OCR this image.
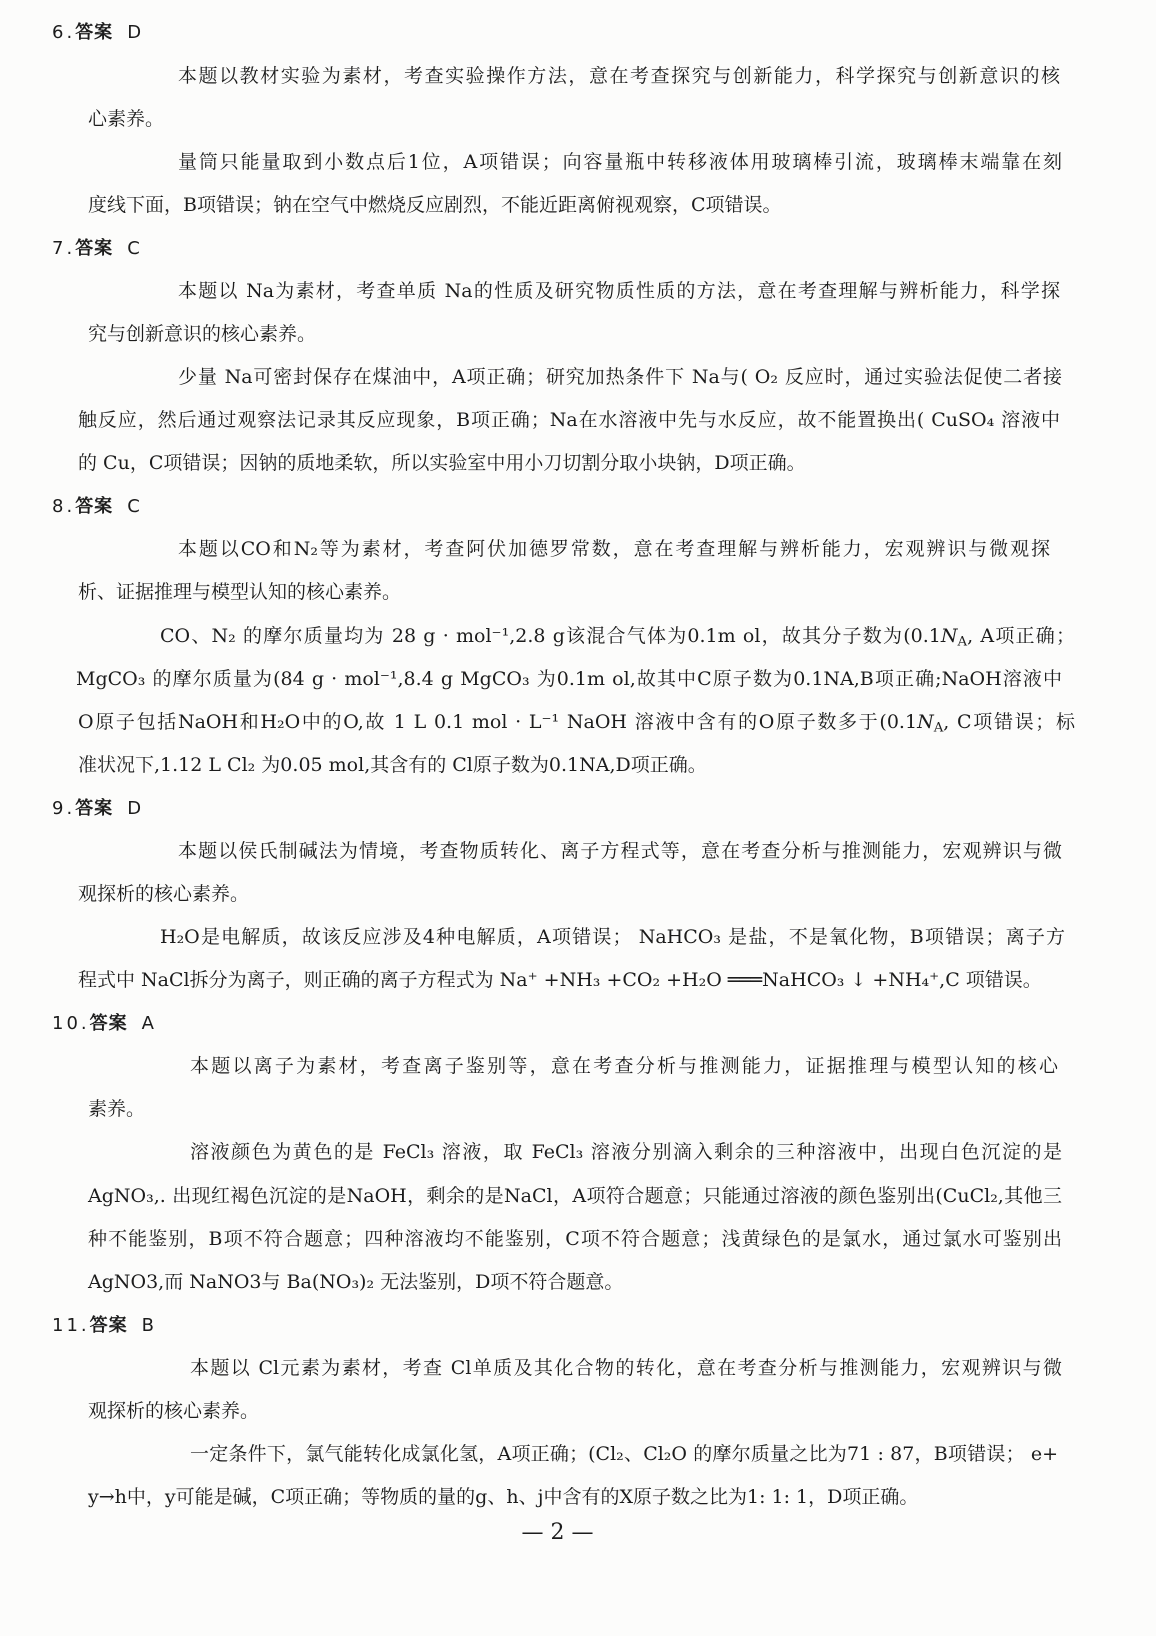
6.答案 D
本题以教材实验为素材，考查实验操作方法，意在考查探究与创新能力，科学探究与创新意识的核
心素养。
量筒只能量取到小数点后1位，A项错误；向容量瓶中转移液体用玻璃棒引流，玻璃棒末端靠在刻
度线下面，B项错误；钠在空气中燃烧反应剧烈，不能近距离俯视观察，C项错误。
7.答案 C
本题以 Na为素材，考查单质 Na的性质及研究物质性质的方法，意在考查理解与辨析能力，科学探
究与创新意识的核心素养。
少量 Na可密封保存在煤油中，A项正确；研究加热条件下 Na与( O₂ 反应时，通过实验法促使二者接
触反应，然后通过观察法记录其反应现象，B项正确；Na在水溶液中先与水反应，故不能置换出( CuSO₄ 溶液中
的 Cu，C项错误；因钠的质地柔软，所以实验室中用小刀切割分取小块钠，D项正确。
8.答案 C
本题以CO和N₂等为素材，考查阿伏加德罗常数，意在考查理解与辨析能力，宏观辨识与微观探
析、证据推理与模型认知的核心素养。
CO、N₂ 的摩尔质量均为 28 g · mol⁻¹,2.8 g该混合气体为0.1m ol，故其分子数为($0.1N_A$, A项正确；
MgCO₃ 的摩尔质量为(84 g · mol⁻¹,8.4 g MgCO₃ 为0.1m ol,故其中C原子数为0.1NA,B项正确;NaOH溶液中
O原子包括NaOH和H₂O中的O,故 1 L 0.1 mol · L⁻¹ NaOH 溶液中含有的O原子数多于($0.1N_A$, C项错误；标
准状况下,1.12 L Cl₂ 为0.05 mol,其含有的 Cl原子数为0.1NA,D项正确。
9.答案 D
本题以侯氏制碱法为情境，考查物质转化、离子方程式等，意在考查分析与推测能力，宏观辨识与微
观探析的核心素养。
H₂O是电解质，故该反应涉及4种电解质，A项错误； NaHCO₃ 是盐，不是氧化物，B项错误；离子方
程式中 NaCl拆分为离子，则正确的离子方程式为 Na⁺ +NH₃ +CO₂ +H₂O ═══NaHCO₃ ↓ +NH₄⁺,C 项错误。
10.答案 A
本题以离子为素材，考查离子鉴别等，意在考查分析与推测能力，证据推理与模型认知的核心
素养。
溶液颜色为黄色的是 FeCl₃ 溶液，取 FeCl₃ 溶液分别滴入剩余的三种溶液中，出现白色沉淀的是
AgNO₃,. 出现红褐色沉淀的是NaOH，剩余的是NaCl，A项符合题意；只能通过溶液的颜色鉴别出(CuCl₂,其他三
种不能鉴别，B项不符合题意；四种溶液均不能鉴别，C项不符合题意；浅黄绿色的是氯水，通过氯水可鉴别出
AgNO3,而 NaNO3与 Ba(NO₃)₂ 无法鉴别，D项不符合题意。
11.答案 B
本题以 Cl元素为素材，考查 Cl单质及其化合物的转化，意在考查分析与推测能力，宏观辨识与微
观探析的核心素养。
一定条件下，氯气能转化成氯化氢，A项正确；(Cl₂、Cl₂O 的摩尔质量之比为71 : 87，B项错误； e+
y→h中，y可能是碱，C项正确；等物质的量的g、h、j中含有的X原子数之比为1: 1: 1，D项正确。
— 2 —
